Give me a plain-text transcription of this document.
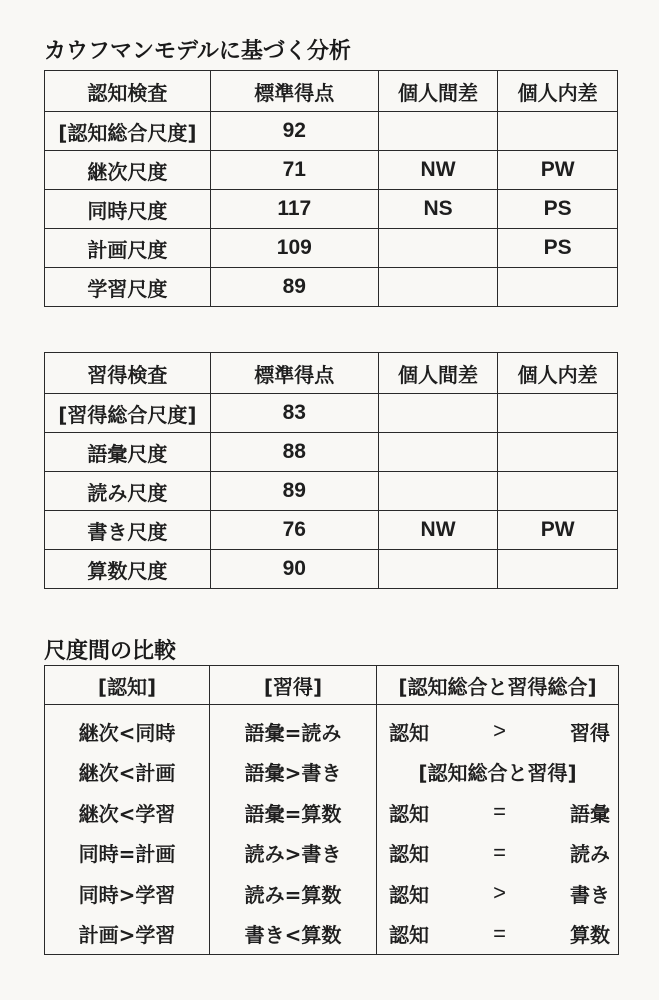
カウフマンモデルに基づく分析
認知検査	標準得点	個人間差	個人内差
[認知総合尺度]	92		
継次尺度	71	NW	PW
同時尺度	117	NS	PS
計画尺度	109		PS
学習尺度	89		
習得検査	標準得点	個人間差	個人内差
[習得総合尺度]	83		
語彙尺度	88		
読み尺度	89		
書き尺度	76	NW	PW
算数尺度	90		
尺度間の比較
[認知]	[習得]	[認知総合と習得総合]
継次<同時	語彙=読み	認知 > 習得

継次<計画	語彙>書き	[認知総合と習得]
継次<学習	語彙=算数	認知 = 語彙

同時=計画	読み>書き	認知 = 読み

同時>学習	読み=算数	認知 > 書き

計画>学習	書き<算数	認知 = 算数
